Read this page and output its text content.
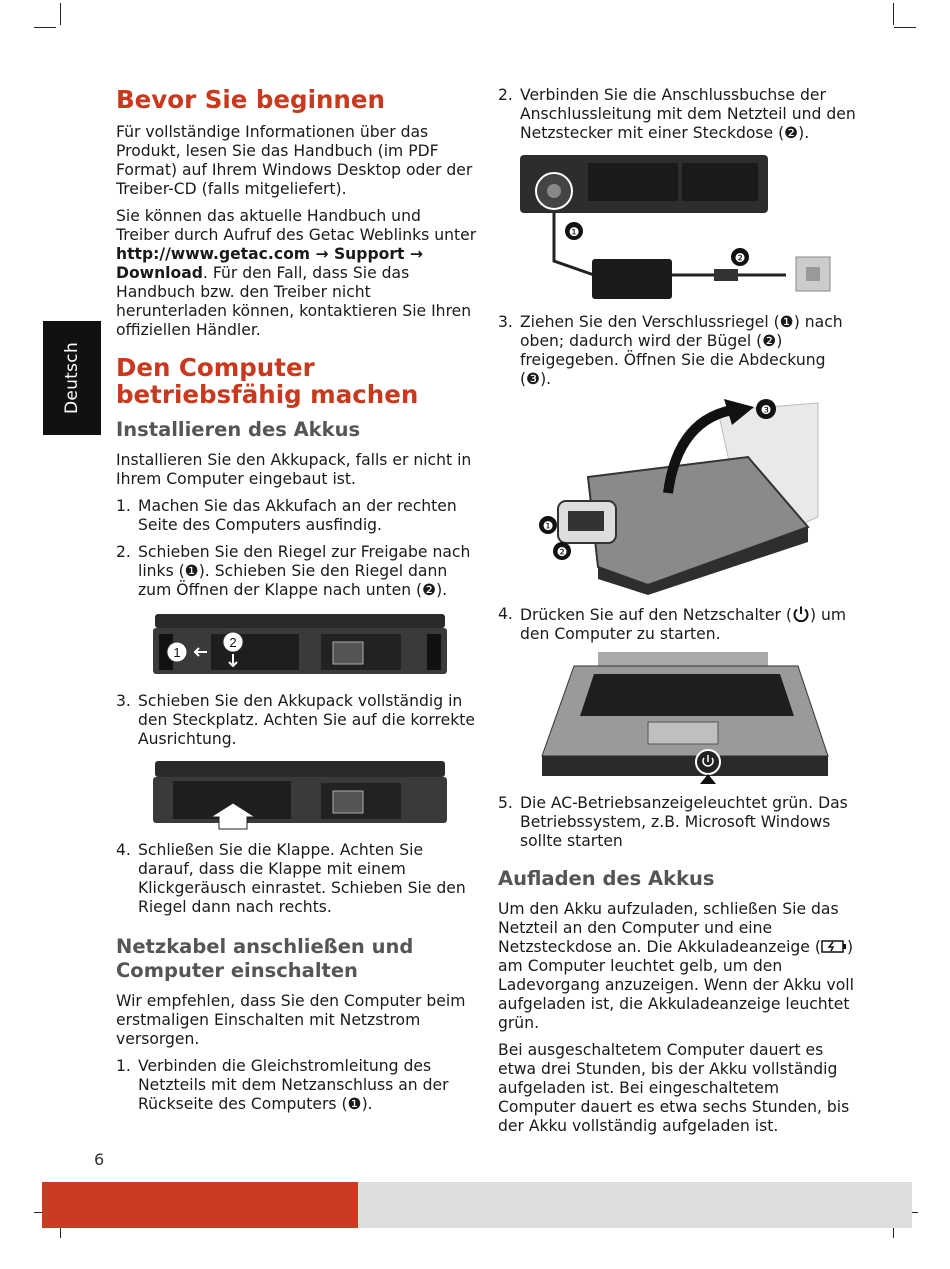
Deutsch
Bevor Sie beginnen

Für vollständige Informationen über das Produkt, lesen Sie das Handbuch (im PDF Format) auf Ihrem Windows Desktop oder der Treiber-CD (falls mitgeliefert).

Sie können das aktuelle Handbuch und Treiber durch Aufruf des Getac Weblinks unter http://www.getac.com → Support → Download. Für den Fall, dass Sie das Handbuch bzw. den Treiber nicht herunterladen können, kontaktieren Sie Ihren offiziellen Händler.

Den Computer betriebsfähig machen
Installieren des Akkus

Installieren Sie den Akkupack, falls er nicht in Ihrem Computer eingebaut ist.

1. Machen Sie das Akkufach an der rechten Seite des Computers ausfindig.
2. Schieben Sie den Riegel zur Freigabe nach links (❶). Schieben Sie den Riegel dann zum Öffnen der Klappe nach unten (❷).
1
2
3. Schieben Sie den Akkupack vollständig in den Steckplatz. Achten Sie auf die korrekte Ausrichtung.
4. Schließen Sie die Klappe. Achten Sie darauf, dass die Klappe mit einem Klickgeräusch einrastet. Schieben Sie den Riegel dann nach rechts.
Netzkabel anschließen und Computer einschalten

Wir empfehlen, dass Sie den Computer beim erstmaligen Einschalten mit Netzstrom versorgen.

1. Verbinden die Gleichstromleitung des Netzteils mit dem Netzanschluss an der Rückseite des Computers (❶).
2. Verbinden Sie die Anschlussbuchse der Anschlussleitung mit dem Netzteil und den Netzstecker mit einer Steckdose (❷).
❶
❷
3. Ziehen Sie den Verschlussriegel (❶) nach oben; dadurch wird der Bügel (❷) freigegeben. Öffnen Sie die Abdeckung (❸).
❸
❶
❷
4. Drücken Sie auf den Netzschalter ( ) um den Computer zu starten.
5. Die AC-Betriebsanzeigeleuchtet grün. Das Betriebssystem, z.B. Microsoft Windows sollte starten
Aufladen des Akkus

Um den Akku aufzuladen, schließen Sie das Netzteil an den Computer und eine Netzsteckdose an. Die Akkuladeanzeige ( ) am Computer leuchtet gelb, um den Ladevorgang anzuzeigen. Wenn der Akku voll aufgeladen ist, die Akkuladeanzeige leuchtet grün.

Bei ausgeschaltetem Computer dauert es etwa drei Stunden, bis der Akku vollständig aufgeladen ist. Bei eingeschaltetem Computer dauert es etwa sechs Stunden, bis der Akku vollständig aufgeladen ist.

6
